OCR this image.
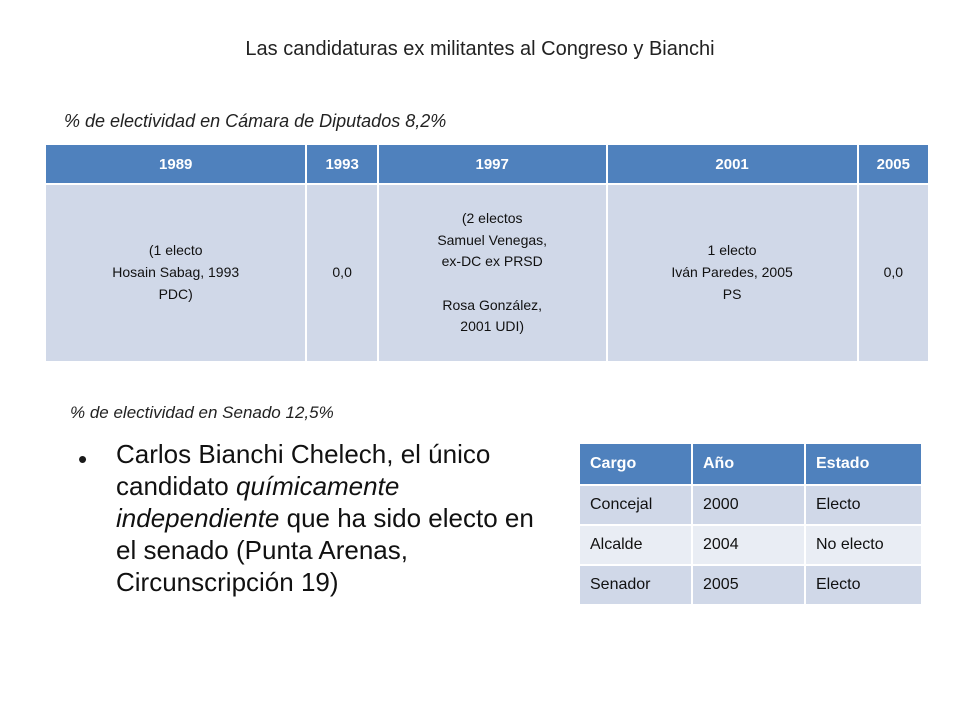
Las candidaturas ex militantes al Congreso y Bianchi
% de electividad en Cámara de Diputados 8,2%
1989	1993	1997	2001	2005
(1 electo
Hosain Sabag, 1993
PDC)	0,0	(2 electos
Samuel Venegas,
ex-DC ex PRSD

Rosa González,
2001 UDI)	1 electo
Iván Paredes, 2005
PS	0,0
% de electividad en Senado 12,5%
• Carlos Bianchi Chelech, el único candidato químicamente independiente que ha sido electo en el senado (Punta Arenas, Circunscripción 19)
Cargo	Año	Estado
Concejal	2000	Electo
Alcalde	2004	No electo
Senador	2005	Electo
